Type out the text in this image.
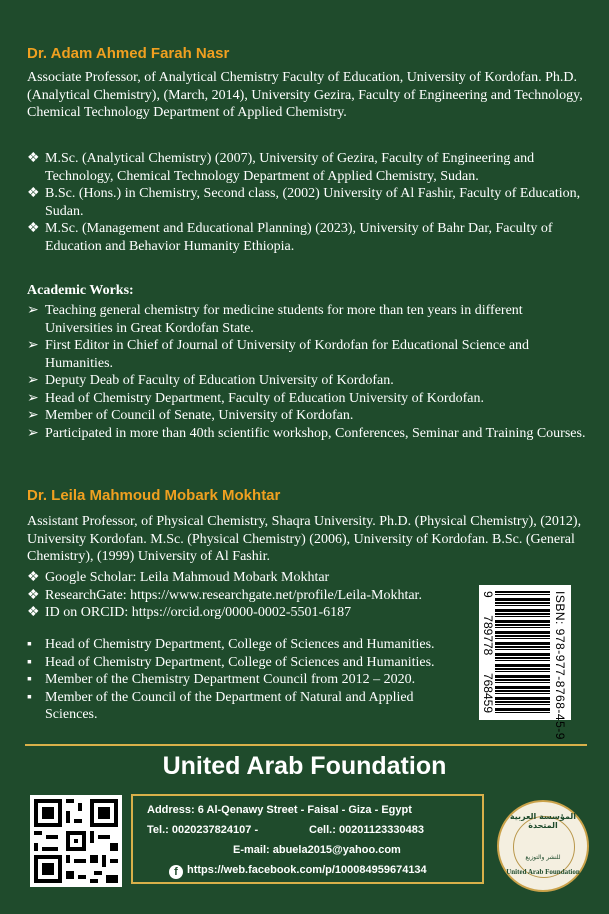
Dr. Adam Ahmed Farah Nasr
Associate Professor, of Analytical Chemistry Faculty of Education, University of Kordofan. Ph.D. (Analytical Chemistry), (March, 2014), University Gezira, Faculty of Engineering and Technology, Chemical Technology Department of Applied Chemistry.
❖ M.Sc. (Analytical Chemistry) (2007), University of Gezira, Faculty of Engineering and Technology, Chemical Technology Department of Applied Chemistry, Sudan.
❖ B.Sc. (Hons.) in Chemistry, Second class, (2002) University of Al Fashir, Faculty of Education, Sudan.
❖ M.Sc. (Management and Educational Planning) (2023), University of Bahr Dar, Faculty of Education and Behavior Humanity Ethiopia.
Academic Works:
➢ Teaching general chemistry for medicine students for more than ten years in different Universities in Great Kordofan State.
➢ First Editor in Chief of Journal of University of Kordofan for Educational Science and Humanities.
➢ Deputy Deab of Faculty of Education University of Kordofan.
➢ Head of Chemistry Department, Faculty of Education University of Kordofan.
➢ Member of Council of Senate, University of Kordofan.
➢ Participated in more than 40th scientific workshop, Conferences, Seminar and Training Courses.
Dr. Leila Mahmoud Mobark Mokhtar
Assistant Professor, of Physical Chemistry, Shaqra University. Ph.D. (Physical Chemistry), (2012), University Kordofan. M.Sc. (Physical Chemistry) (2006), University of Kordofan. B.Sc. (General Chemistry), (1999) University of Al Fashir.
❖ Google Scholar: Leila Mahmoud Mobark Mokhtar
❖ ResearchGate: https://www.researchgate.net/profile/Leila-Mokhtar.
❖ ID on ORCID: https://orcid.org/0000-0002-5501-6187
▪ Head of Chemistry Department, College of Sciences and Humanities.
▪ Head of Chemistry Department, College of Sciences and Humanities.
▪ Member of the Chemistry Department Council from 2012 – 2020.
▪ Member of the Council of the Department of Natural and Applied Sciences.	ISBN: 978-977-8768-45-9
9
789778
768459
United Arab Foundation
Address: 6 Al-Qenawy Street - Faisal - Giza - Egypt
Tel.: 0020237824107 -	Cell.: 00201123330483
E-mail: abuela2015@yahoo.com
f https://web.facebook.com/p/100084959674134
المؤسسة العربية المتحدة
للنشر والتوزيع
United Arab Foundation
